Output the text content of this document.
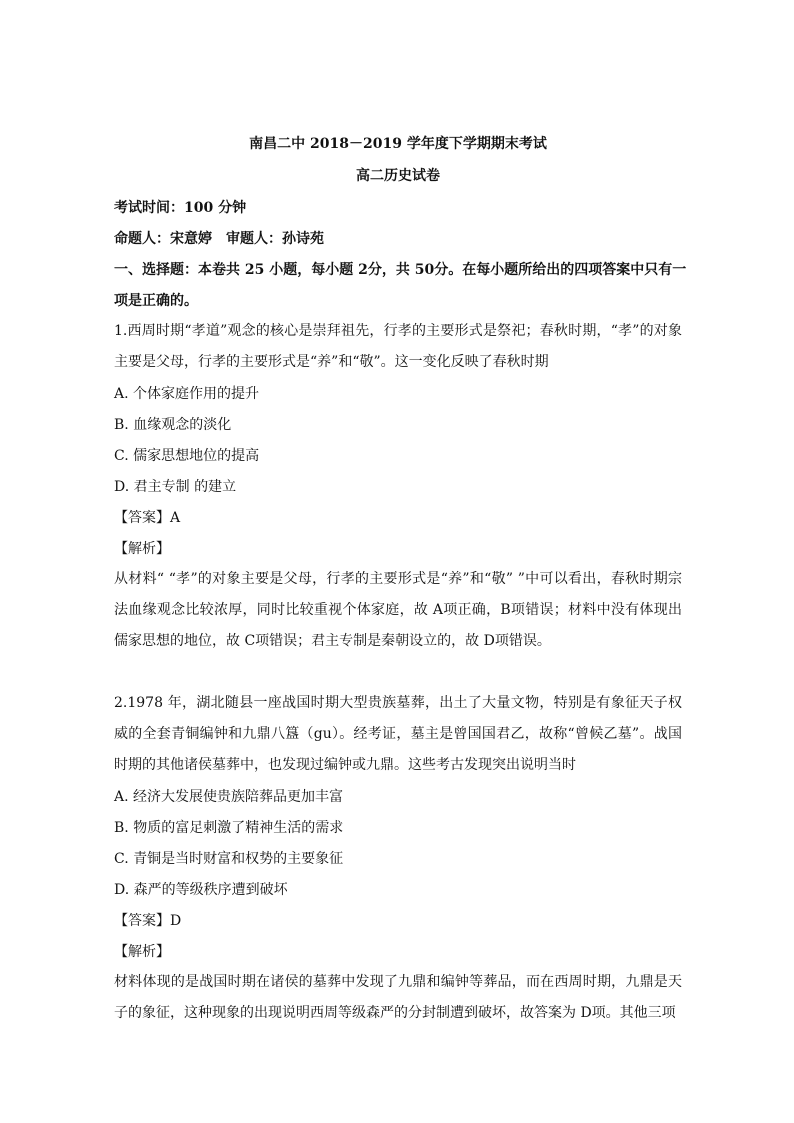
南昌二中 2018－2019 学年度下学期期末考试
高二历史试卷
考试时间：100 分钟
命题人：宋意婷　审题人：孙诗苑
一、选择题：本卷共 25 小题，每小题 2分，共 50分。在每小题所给出的四项答案中只有一
项是正确的。
1.西周时期“孝道”观念的核心是崇拜祖先，行孝的主要形式是祭祀；春秋时期，“孝”的对象主要是父母，行孝的主要形式是“养”和“敬”。这一变化反映了春秋时期
A. 个体家庭作用的提升
B. 血缘观念的淡化
C. 儒家思想地位的提高
D. 君主专制 的建立
【答案】A
【解析】
从材料“ “孝”的对象主要是父母，行孝的主要形式是“养”和“敬” ”中可以看出，春秋时期宗法血缘观念比较浓厚，同时比较重视个体家庭，故 A项正确，B项错误；材料中没有体现出儒家思想的地位，故 C项错误；君主专制是秦朝设立的，故 D项错误。
2.1978 年，湖北随县一座战国时期大型贵族墓葬，出土了大量文物，特别是有象征天子权威的全套青铜编钟和九鼎八簋（gu）。经考证，墓主是曾国国君乙，故称“曾候乙墓”。战国时期的其他诸侯墓葬中，也发现过编钟或九鼎。这些考古发现突出说明当时
A. 经济大发展使贵族陪葬品更加丰富
B. 物质的富足刺激了精神生活的需求
C. 青铜是当时财富和权势的主要象征
D. 森严的等级秩序遭到破坏
【答案】D
【解析】
材料体现的是战国时期在诸侯的墓葬中发现了九鼎和编钟等葬品，而在西周时期，九鼎是天子的象征，这种现象的出现说明西周等级森严的分封制遭到破坏，故答案为 D项。其他三项
